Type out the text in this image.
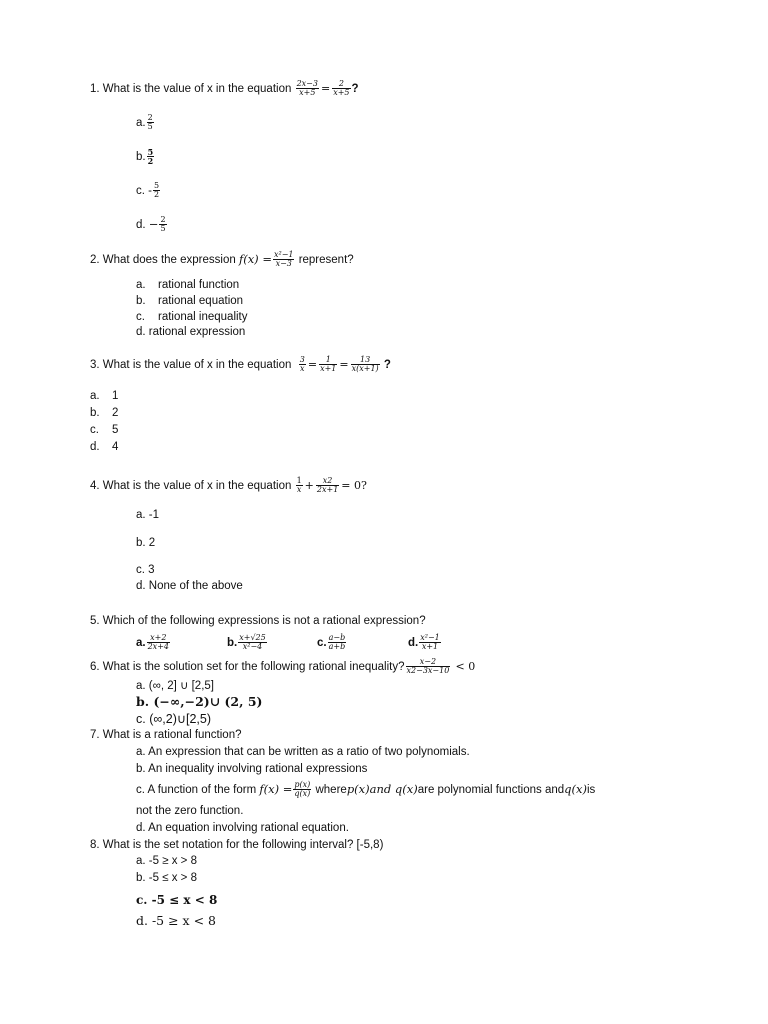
1. What is the value of x in the equation $\frac{2x-3}{x+5} = \frac{2}{x+5}$ ?
a. $\frac{2}{5}$
b. $\frac{5}{2}$
c. - $\frac{5}{2}$
d. − $\frac{2}{5}$
2. What does the expression $f(x) = \frac{\text{x²−1}}{x-3}$ represent?
a. rational function
b. rational equation
c. rational inequality
d. rational expression
3. What is the value of x in the equation $\frac{3}{x} = \frac{1}{x+1} = \frac{13}{x(x+1)}$ ?
a. 1
b. 2
c. 5
d. 4
4. What is the value of x in the equation $\frac{1}{x} + \frac{x2}{2x+1} = 0$?
a. -1
b. 2
c. 3
d. None of the above
5. Which of the following expressions is not a rational expression?
a. $\frac{x+2}{2x+4}$	b. $\frac{x+√25}{\text{x²−4}}$	c. $\frac{a-b}{a+b}$	d. $\frac{\text{x²−1}}{x+1}$
6. What is the solution set for the following rational inequality? $\frac{x-2}{x2-3x-10} < 0$
a. (∞, 2] ∪ [2,5]
b. (−∞,−2)∪ (2, 5)
c. (∞,2)∪[2,5)
7. What is a rational function?
a. An expression that can be written as a ratio of two polynomials.
b. An inequality involving rational expressions
c. A function of the form $f(x) = \frac{p(x)}{q(x)}$ wherep(x)and q(x)are polynomial functions andq(x)is
not the zero function.
d. An equation involving rational equation.
8. What is the set notation for the following interval? [-5,8)
a. -5 ≥ x > 8
b. -5 ≤ x > 8
c. -5 ≤ x < 8
d. -5 ≥ x < 8
